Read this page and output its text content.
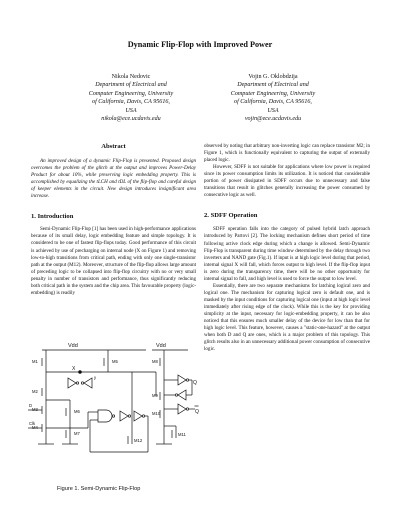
Dynamic Flip-Flop with Improved Power
Nikola Nedovic
Department of Electrical and
Computer Engineering, University
of California, Davis, CA 95616,
USA
nikola@ece.ucdavis.edu
Vojin G. Oklobdzija
Department of Electrical and
Computer Engineering, University
of California, Davis, CA 95616,
USA
vojin@ece.ucdavis.edu

Abstract

An improved design of a dynamic Flip-Flop is presented. Proposed design overcomes the problem of the glitch at the output and improves Power-Delay Product for about 10%, while preserving logic embedding property. This is accomplished by equalizing the tLCH and tDL of the flip-flop and careful design of keeper elements in the circuit. New design introduces insignificant area increase.

1. Introduction

Semi-Dynamic Flip-Flop [1] has been used in high-performance applications because of its small delay, logic embedding feature and simple topology. It is considered to be one of fastest flip-flops today. Good performance of this circuit is achieved by use of precharging on internal node (X on Figure 1) and removing low-to-high transitions from critical path, ending with only one single-transistor path at the output (M12). Moreover, structure of the flip-flop allows large amount of preceding logic to be collapsed into flip-flop circuitry with no or very small penalty in number of transistors and performance, thus significantly reducing both critical path in the system and the chip area. This favourable property (logic-embedding) is readily

Vdd	Vdd
M1
X
y
M2
M3
M4
D
Clk
M5
M6
M7
M8
M9
M10
Q
Q
M11
M12
Figure 1. Semi-Dynamic Flip-Flop

observed by noting that arbitrary non-inverting logic can replace transistor M2; in Figure 1, which is functionally equivalent to capturing the output of externally placed logic.

However, SDFF is not suitable for applications where low power is required since its power consumption limits its utilization. It is noticed that considerable portion of power dissipated in SDFF occurs due to unnecessary and false transitions that result in glitches generally increasing the power consumed by consecutive logic as well.

2. SDFF Operation

SDFF operation falls into the category of pulsed hybrid latch approach introduced by Partovi [2]. The locking mechanism defines short period of time following active clock edge during which a change is allowed. Semi-Dynamic Flip-Flop is transparent during time window determined by the delay through two inverters and NAND gate (Fig.1). If input is at high logic level during that period, internal signal X will fall, which forces output to high level. If the flip-flop input is zero during the transparency time, there will be no other opportunity for internal signal to fall, and high level is used to force the output to low level.

Essentially, there are two separate mechanisms for latching logical zero and logical one. The mechanism for capturing logical zero is default one, and is masked by the input conditions for capturing logical one (input at high logic level immediately after rising edge of the clock). While this is the key for providing simplicity at the input, necessary for logic-embedding property, it can be also noticed that this ensures much smaller delay of the device for low than that for high logic level. This feature, however, causes a "static-one-hazard" at the output when both D and Q are ones, which is a major problem of this topology. This glitch results also in an unnecessary additional power consumption of consecutive logic.
